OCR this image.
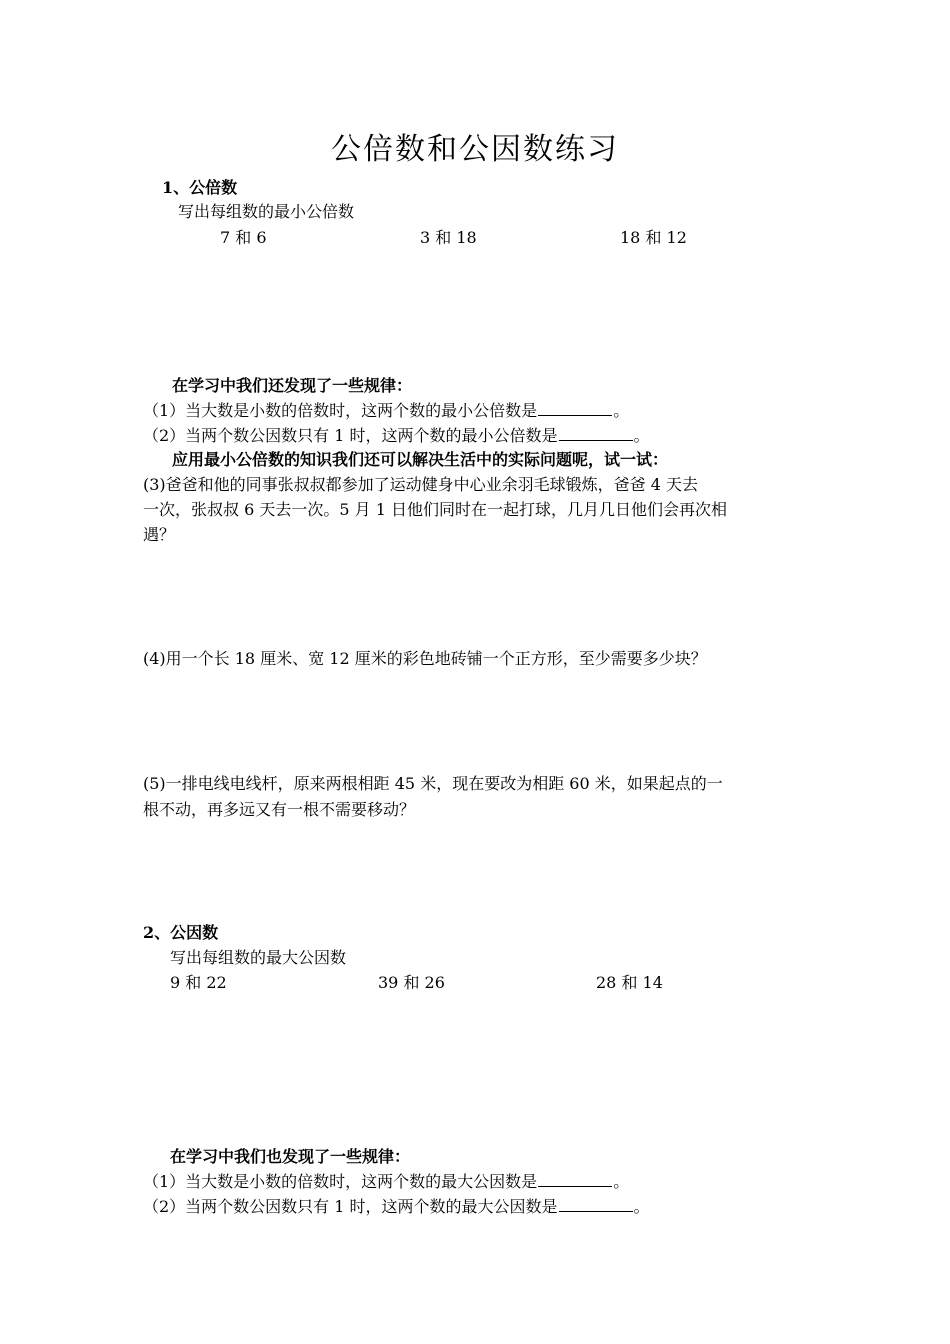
公倍数和公因数练习
1、公倍数
写出每组数的最小公倍数
7 和 6	3 和 18	18 和 12
在学习中我们还发现了一些规律：
（1）当大数是小数的倍数时，这两个数的最小公倍数是	。
（2）当两个数公因数只有 1 时，这两个数的最小公倍数是	。
应用最小公倍数的知识我们还可以解决生活中的实际问题呢，试一试：
(3)爸爸和他的同事张叔叔都参加了运动健身中心业余羽毛球锻炼，爸爸 4 天去
一次，张叔叔 6 天去一次。5 月 1 日他们同时在一起打球，几月几日他们会再次相
遇？
(4)用一个长 18 厘米、宽 12 厘米的彩色地砖铺一个正方形，至少需要多少块？
(5)一排电线电线杆，原来两根相距 45 米，现在要改为相距 60 米，如果起点的一
根不动，再多远又有一根不需要移动？
2、公因数
写出每组数的最大公因数
9 和 22	39 和 26	28 和 14
在学习中我们也发现了一些规律：
（1）当大数是小数的倍数时，这两个数的最大公因数是	。
（2）当两个数公因数只有 1 时，这两个数的最大公因数是	。
